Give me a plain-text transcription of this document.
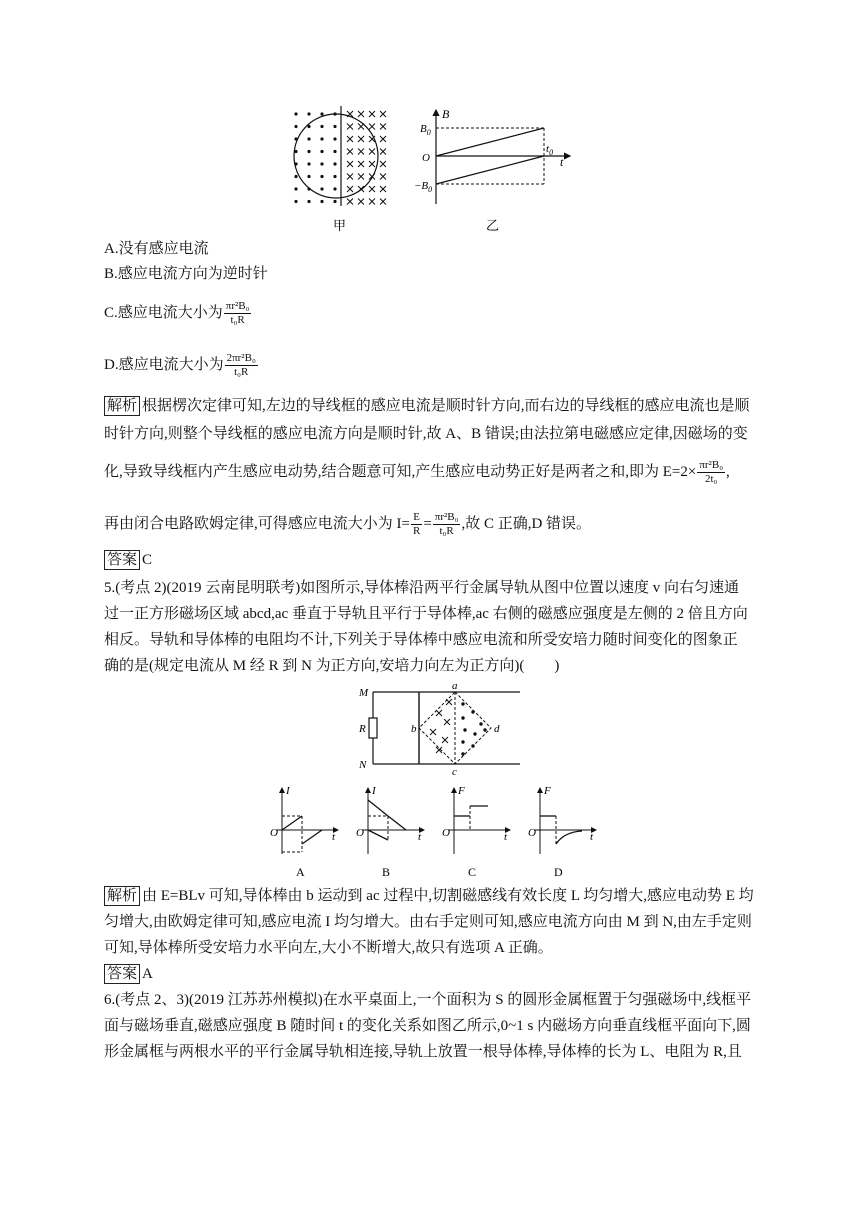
甲
B
$B_0$
O
$-B_0$
$t_0$
t
乙
A.没有感应电流
B.感应电流方向为逆时针
C.感应电流大小为 $\frac{\text{πr²B₀}}{\text{t₀R}}$
D.感应电流大小为 $\frac{\text{2πr²B₀}}{\text{t₀R}}$
解析 根据楞次定律可知,左边的导线框的感应电流是顺时针方向,而右边的导线框的感应电流也是顺
时针方向,则整个导线框的感应电流方向是顺时针,故 A、B 错误;由法拉第电磁感应定律,因磁场的变
化,导致导线框内产生感应电动势,结合题意可知,产生感应电动势正好是两者之和,即为 $E=2\times \frac{\text{πr²B₀}}{\text{2t₀}}$ ,
再由闭合电路欧姆定律,可得感应电流大小为 $I= \frac{E}{R} = \frac{\text{πr²B₀}}{\text{t₀R}}$ ,故 C 正确,D 错误。
答案 C
5.(考点 2)(2019 云南昆明联考)如图所示,导体棒沿两平行金属导轨从图中位置以速度 v 向右匀速通
过一正方形磁场区域 abcd,ac 垂直于导轨且平行于导体棒,ac 右侧的磁感应强度是左侧的 2 倍且方向
相反。导轨和导体棒的电阻均不计,下列关于导体棒中感应电流和所受安培力随时间变化的图象正
确的是(规定电流从 M 经 R 到 N 为正方向,安培力向左为正方向)(　　)
M
N
R
a
b
c
d
I
O	t
A
I
O	t
B
F
O	t
C
F
O	t
D
解析 由 E=BLv 可知,导体棒由 b 运动到 ac 过程中,切割磁感线有效长度 L 均匀增大,感应电动势 E 均
匀增大,由欧姆定律可知,感应电流 I 均匀增大。由右手定则可知,感应电流方向由 M 到 N,由左手定则
可知,导体棒所受安培力水平向左,大小不断增大,故只有选项 A 正确。
答案 A
6.(考点 2、3)(2019 江苏苏州模拟)在水平桌面上,一个面积为 S 的圆形金属框置于匀强磁场中,线框平
面与磁场垂直,磁感应强度 B 随时间 t 的变化关系如图乙所示,0~1 s 内磁场方向垂直线框平面向下,圆
形金属框与两根水平的平行金属导轨相连接,导轨上放置一根导体棒,导体棒的长为 L、电阻为 R,且
